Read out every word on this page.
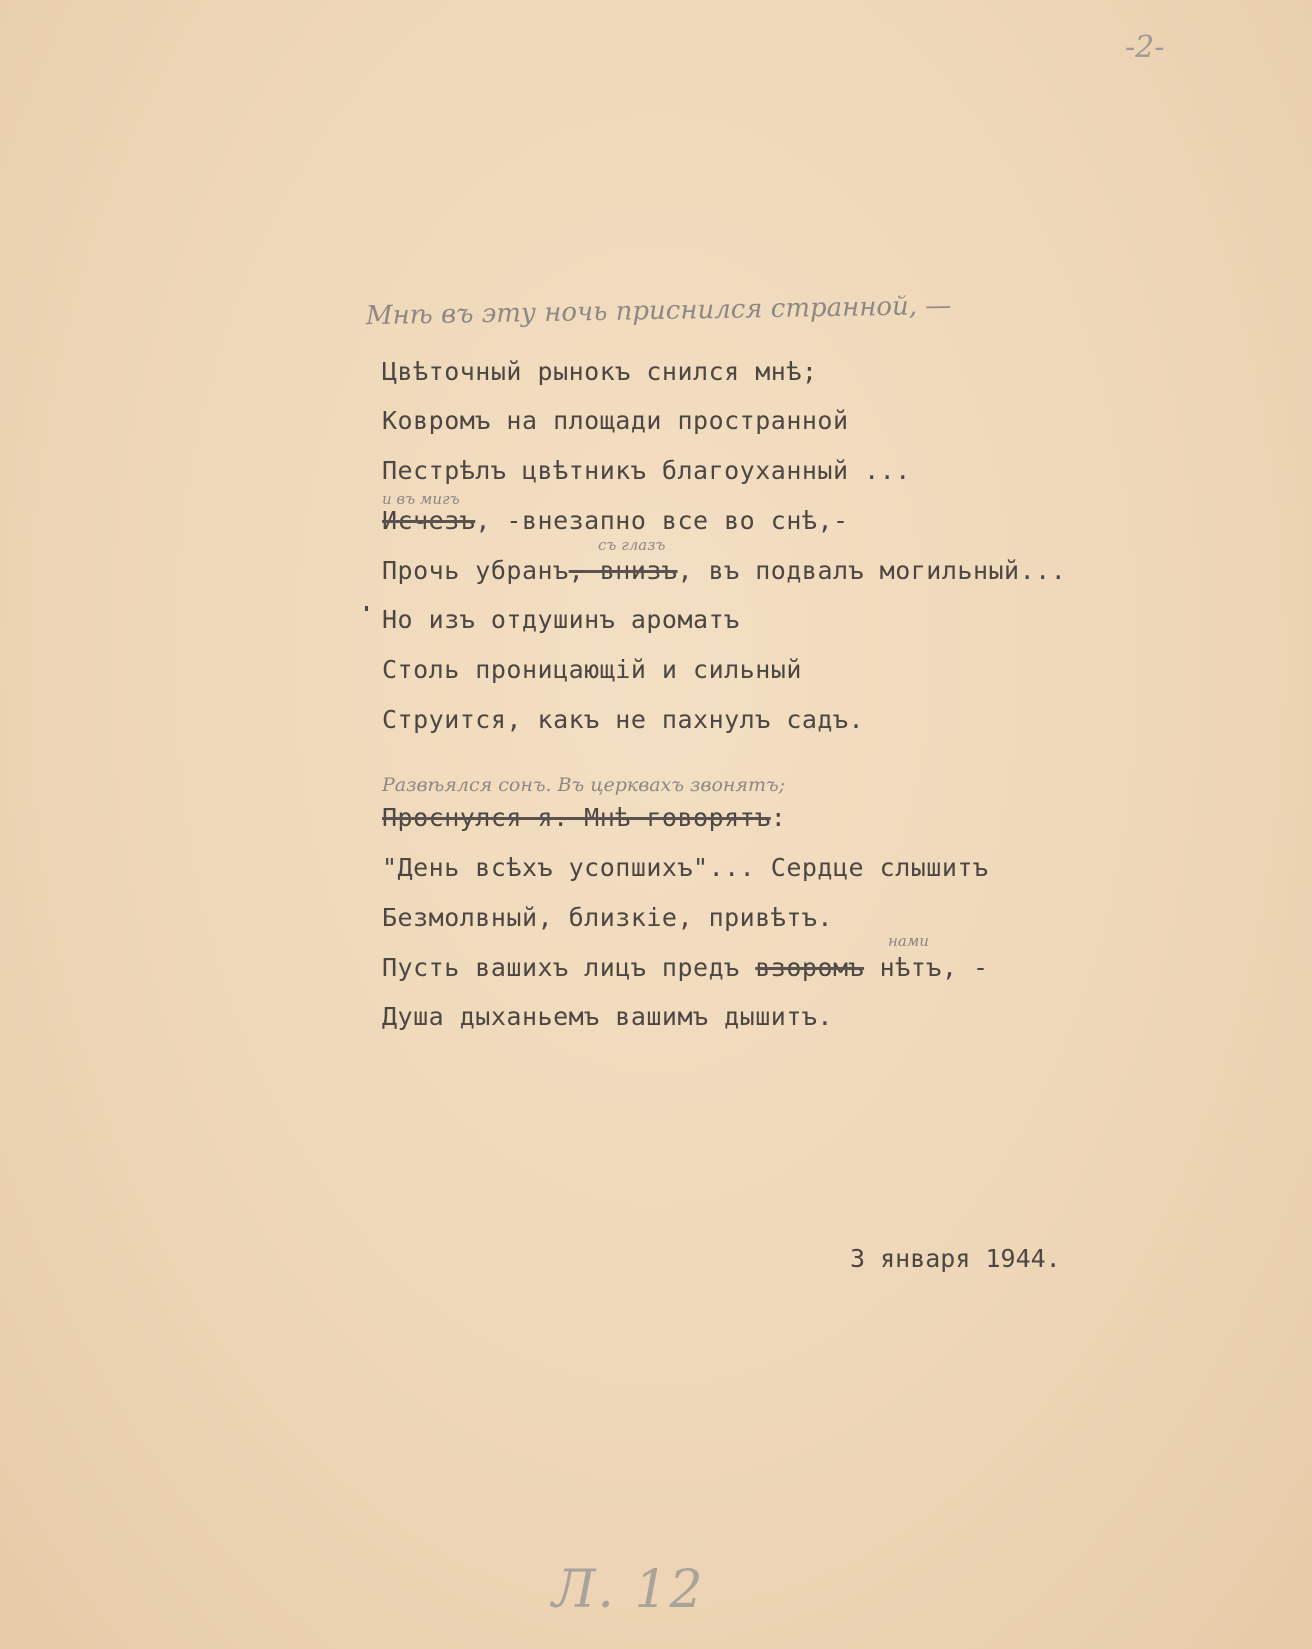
-2-
Мнѣ въ эту ночь приснился странной, —
Цвѣточный рынокъ снился мнѣ;
Ковромъ на площади пространной
Пестрѣлъ цвѣтникъ благоуханный ...
и въ мигъ
Исчезъ, -внезапно все во снѣ,-
съ глазъ
Прочь убранъ, внизъ, въ подвалъ могильный...
Но изъ отдушинъ ароматъ
Столь проницающій и сильный
Струится, какъ не пахнулъ садъ.
Развѣялся сонъ. Въ церквахъ звонятъ;
Проснулся я. Мнѣ говорятъ:
"День всѣхъ усопшихъ"... Сердце слышитъ
Безмолвный, близкіе, привѣтъ.
нами
Пусть вашихъ лицъ предъ взоромъ нѣтъ, -
Душа дыханьемъ вашимъ дышитъ.
3 января 1944.
Л. 12
